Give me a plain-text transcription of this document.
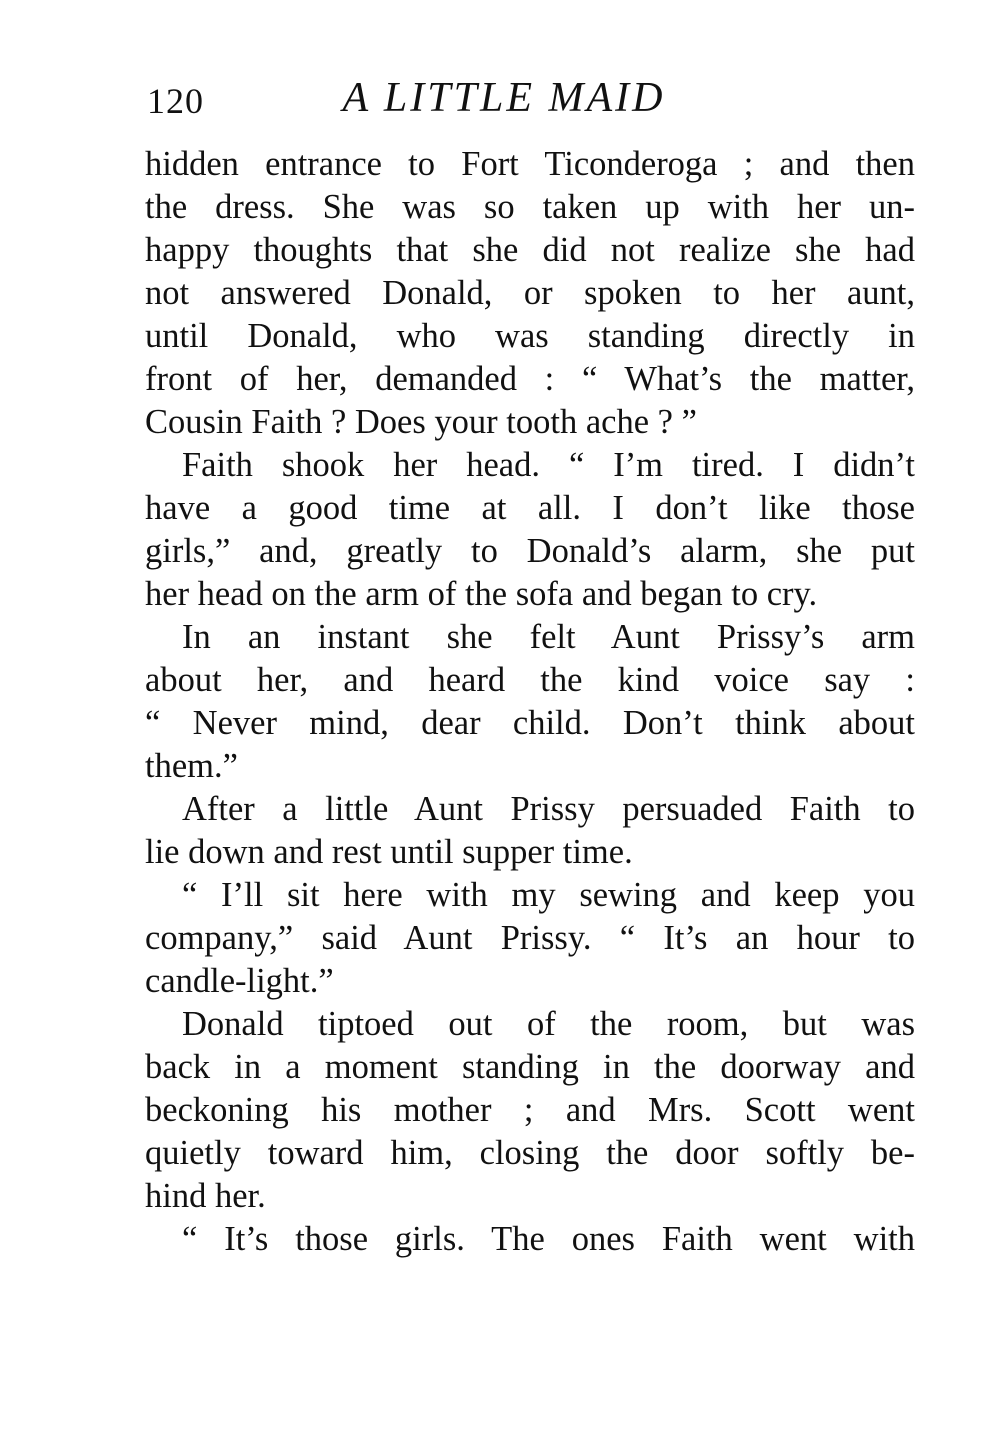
120	A LITTLE MAID
hidden entrance to Fort Ticonderoga ; and then
the dress. She was so taken up with her un-
happy thoughts that she did not realize she had
not answered Donald, or spoken to her aunt,
until Donald, who was standing directly in
front of her, demanded : “ What’s the matter,
Cousin Faith ? Does your tooth ache ? ”
Faith shook her head. “ I’m tired. I didn’t
have a good time at all. I don’t like those
girls,” and, greatly to Donald’s alarm, she put
her head on the arm of the sofa and began to cry.
In an instant she felt Aunt Prissy’s arm
about her, and heard the kind voice say :
“ Never mind, dear child. Don’t think about
them.”
After a little Aunt Prissy persuaded Faith to
lie down and rest until supper time.
“ I’ll sit here with my sewing and keep you
company,” said Aunt Prissy. “ It’s an hour to
candle-light.”
Donald tiptoed out of the room, but was
back in a moment standing in the doorway and
beckoning his mother ; and Mrs. Scott went
quietly toward him, closing the door softly be-
hind her.
“ It’s those girls. The ones Faith went with
